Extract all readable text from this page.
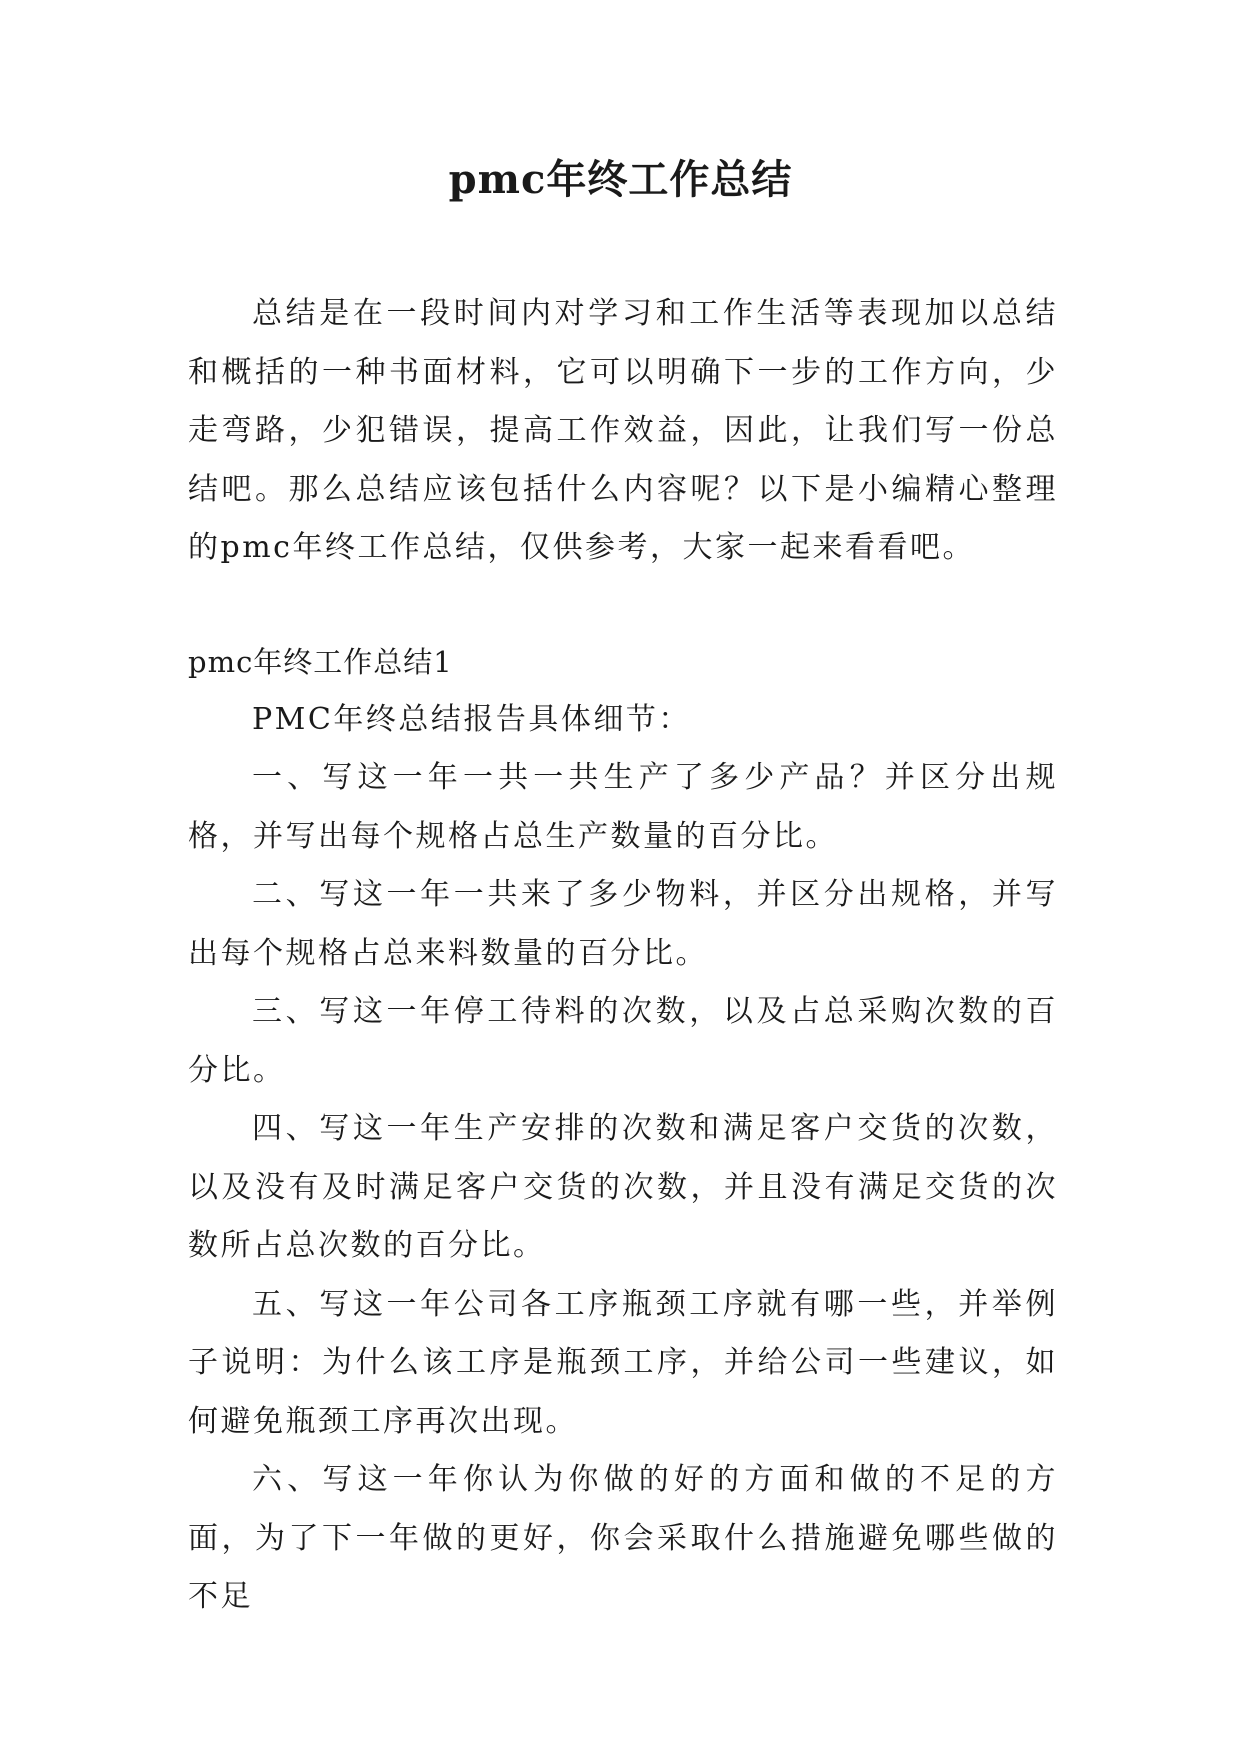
pmc年终工作总结

总结是在一段时间内对学习和工作生活等表现加以总结和概括的一种书面材料，它可以明确下一步的工作方向，少走弯路，少犯错误，提高工作效益，因此，让我们写一份总结吧。那么总结应该包括什么内容呢？以下是小编精心整理的pmc年终工作总结，仅供参考，大家一起来看看吧。

pmc年终工作总结1

PMC年终总结报告具体细节：

一、写这一年一共一共生产了多少产品？并区分出规格，并写出每个规格占总生产数量的百分比。

二、写这一年一共来了多少物料，并区分出规格，并写出每个规格占总来料数量的百分比。

三、写这一年停工待料的次数，以及占总采购次数的百分比。

四、写这一年生产安排的次数和满足客户交货的次数，以及没有及时满足客户交货的次数，并且没有满足交货的次数所占总次数的百分比。

五、写这一年公司各工序瓶颈工序就有哪一些，并举例子说明：为什么该工序是瓶颈工序，并给公司一些建议，如何避免瓶颈工序再次出现。

六、写这一年你认为你做的好的方面和做的不足的方面，为了下一年做的更好，你会采取什么措施避免哪些做的不足
